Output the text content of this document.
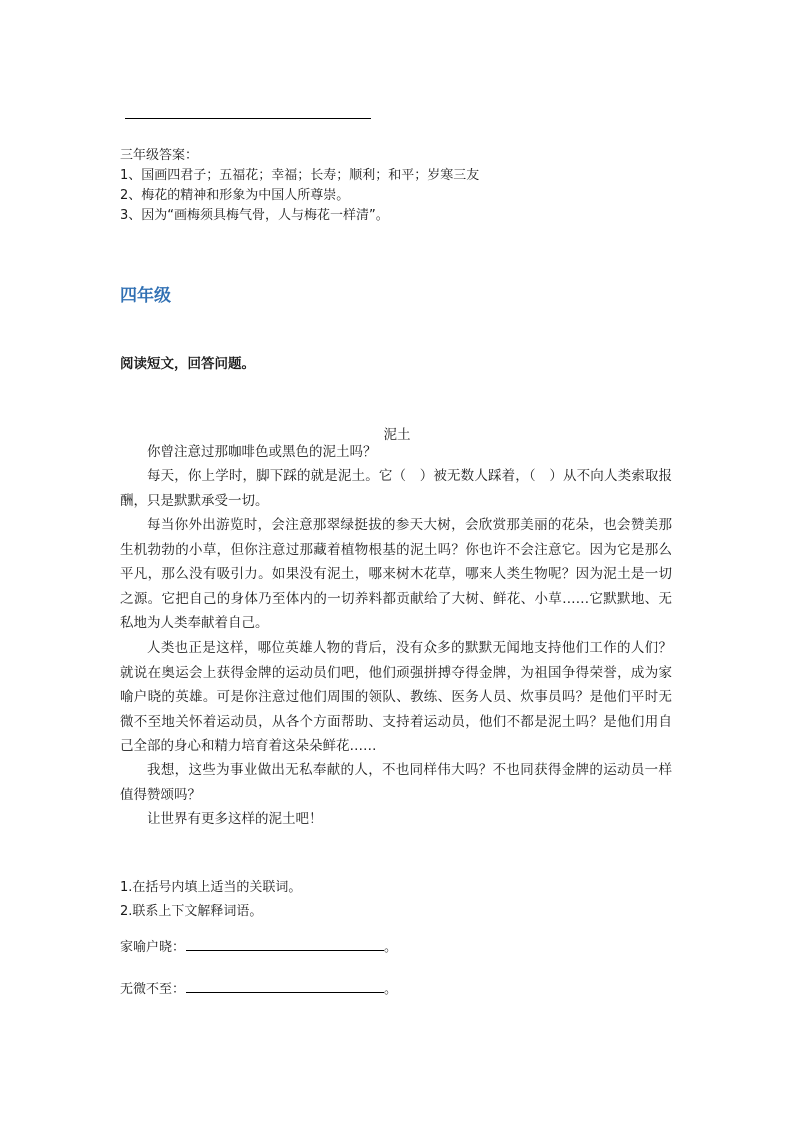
三年级答案：
1、国画四君子；五福花；幸福；长寿；顺利；和平；岁寒三友
2、梅花的精神和形象为中国人所尊崇。
3、因为“画梅须具梅气骨，人与梅花一样清”。
四年级
阅读短文，回答问题。
泥土

你曾注意过那咖啡色或黑色的泥土吗？

每天，你上学时，脚下踩的就是泥土。它（　）被无数人踩着，（　）从不向人类索取报酬，只是默默承受一切。

每当你外出游览时，会注意那翠绿挺拔的参天大树，会欣赏那美丽的花朵，也会赞美那生机勃勃的小草，但你注意过那藏着植物根基的泥土吗？你也许不会注意它。因为它是那么平凡，那么没有吸引力。如果没有泥土，哪来树木花草，哪来人类生物呢？因为泥土是一切之源。它把自己的身体乃至体内的一切养料都贡献给了大树、鲜花、小草……它默默地、无私地为人类奉献着自己。

人类也正是这样，哪位英雄人物的背后，没有众多的默默无闻地支持他们工作的人们？就说在奥运会上获得金牌的运动员们吧，他们顽强拼搏夺得金牌，为祖国争得荣誉，成为家喻户晓的英雄。可是你注意过他们周围的领队、教练、医务人员、炊事员吗？是他们平时无微不至地关怀着运动员，从各个方面帮助、支持着运动员，他们不都是泥土吗？是他们用自己全部的身心和精力培育着这朵朵鲜花……

我想，这些为事业做出无私奉献的人，不也同样伟大吗？不也同获得金牌的运动员一样值得赞颂吗？

让世界有更多这样的泥土吧！

1.在括号内填上适当的关联词。
2.联系上下文解释词语。
家喻户晓：	。
无微不至：	。
